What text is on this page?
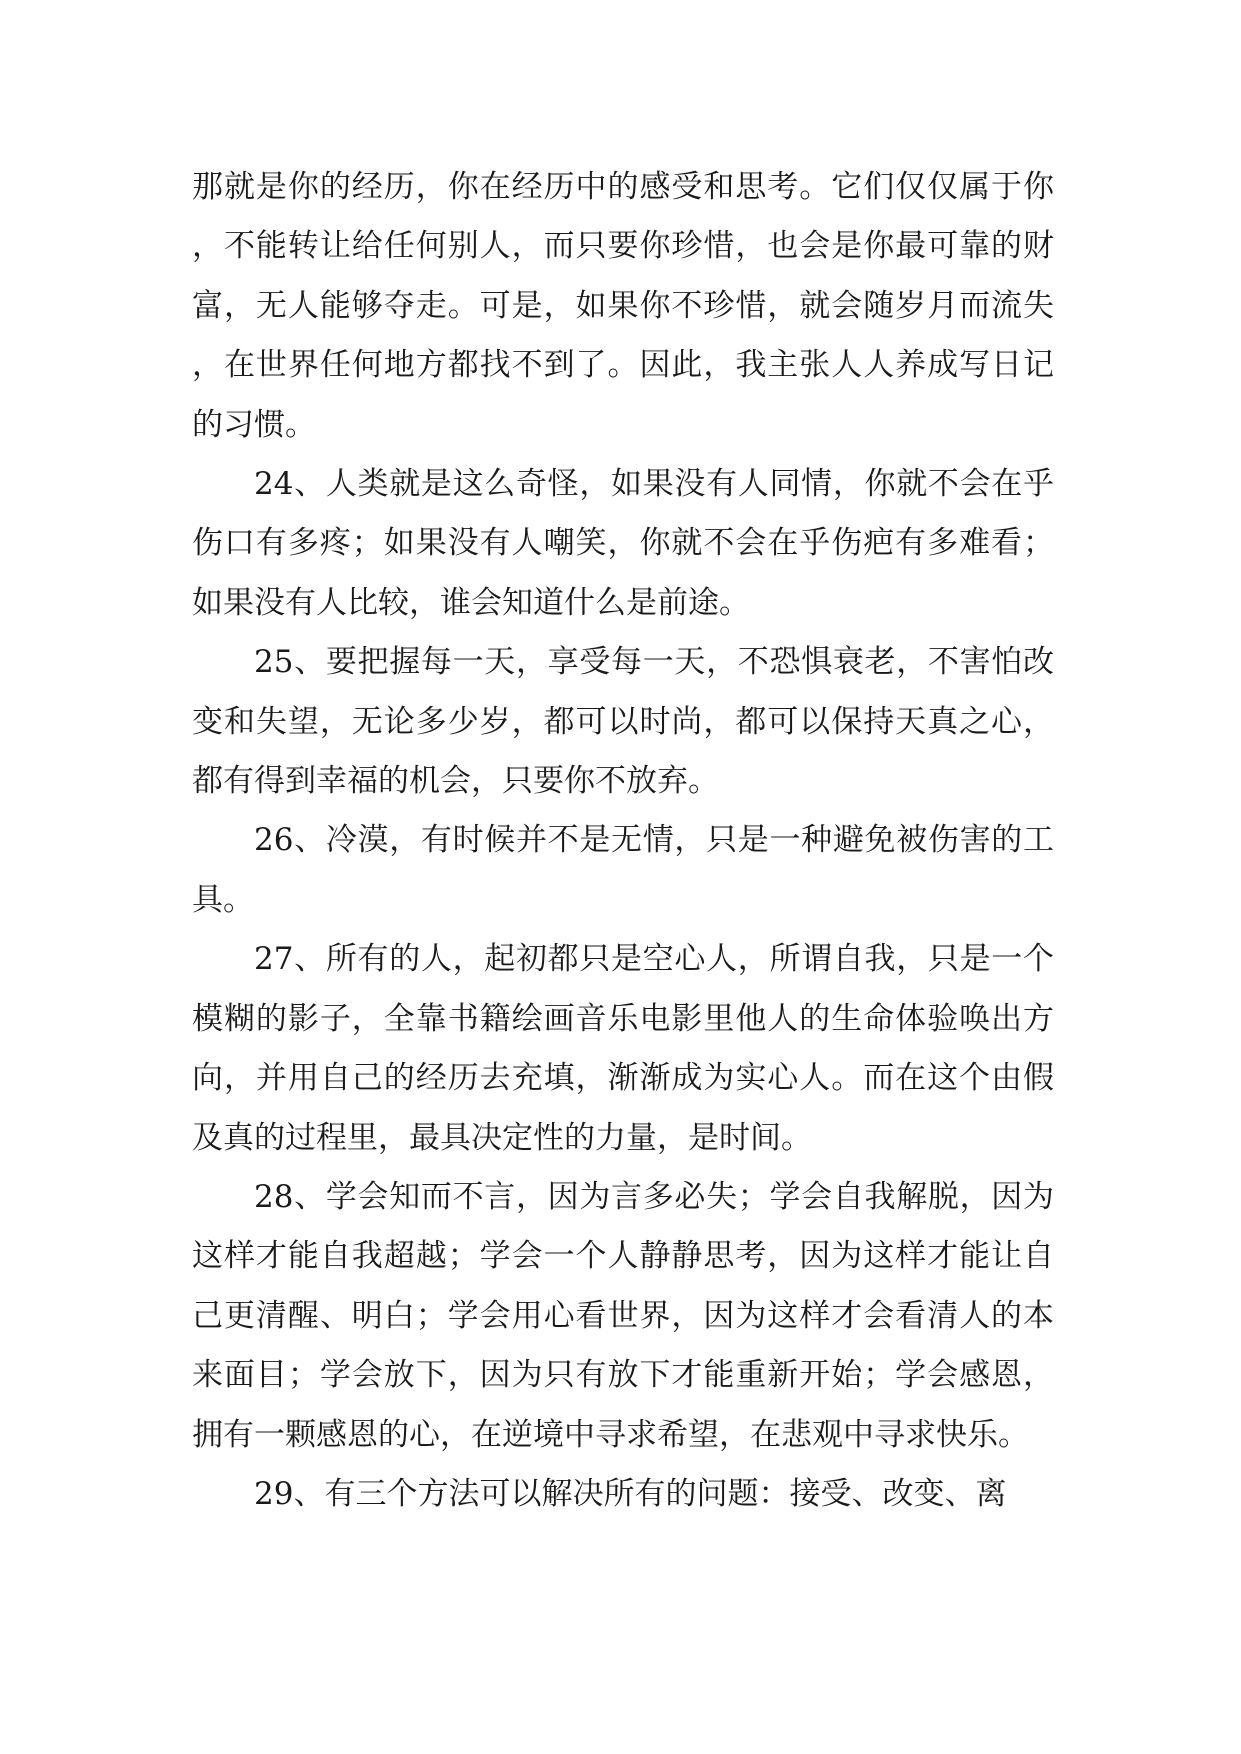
那就是你的经历，你在经历中的感受和思考。它们仅仅属于你，不能转让给任何别人，而只要你珍惜，也会是你最可靠的财富，无人能够夺走。可是，如果你不珍惜，就会随岁月而流失，在世界任何地方都找不到了。因此，我主张人人养成写日记的习惯。

24、人类就是这么奇怪，如果没有人同情，你就不会在乎伤口有多疼；如果没有人嘲笑，你就不会在乎伤疤有多难看；如果没有人比较，谁会知道什么是前途。

25、要把握每一天，享受每一天，不恐惧衰老，不害怕改变和失望，无论多少岁，都可以时尚，都可以保持天真之心，都有得到幸福的机会，只要你不放弃。

26、冷漠，有时候并不是无情，只是一种避免被伤害的工具。

27、所有的人，起初都只是空心人，所谓自我，只是一个模糊的影子，全靠书籍绘画音乐电影里他人的生命体验唤出方向，并用自己的经历去充填，渐渐成为实心人。而在这个由假及真的过程里，最具决定性的力量，是时间。

28、学会知而不言，因为言多必失；学会自我解脱，因为这样才能自我超越；学会一个人静静思考，因为这样才能让自己更清醒、明白；学会用心看世界，因为这样才会看清人的本来面目；学会放下，因为只有放下才能重新开始；学会感恩，拥有一颗感恩的心，在逆境中寻求希望，在悲观中寻求快乐。

29、有三个方法可以解决所有的问题：接受、改变、离
